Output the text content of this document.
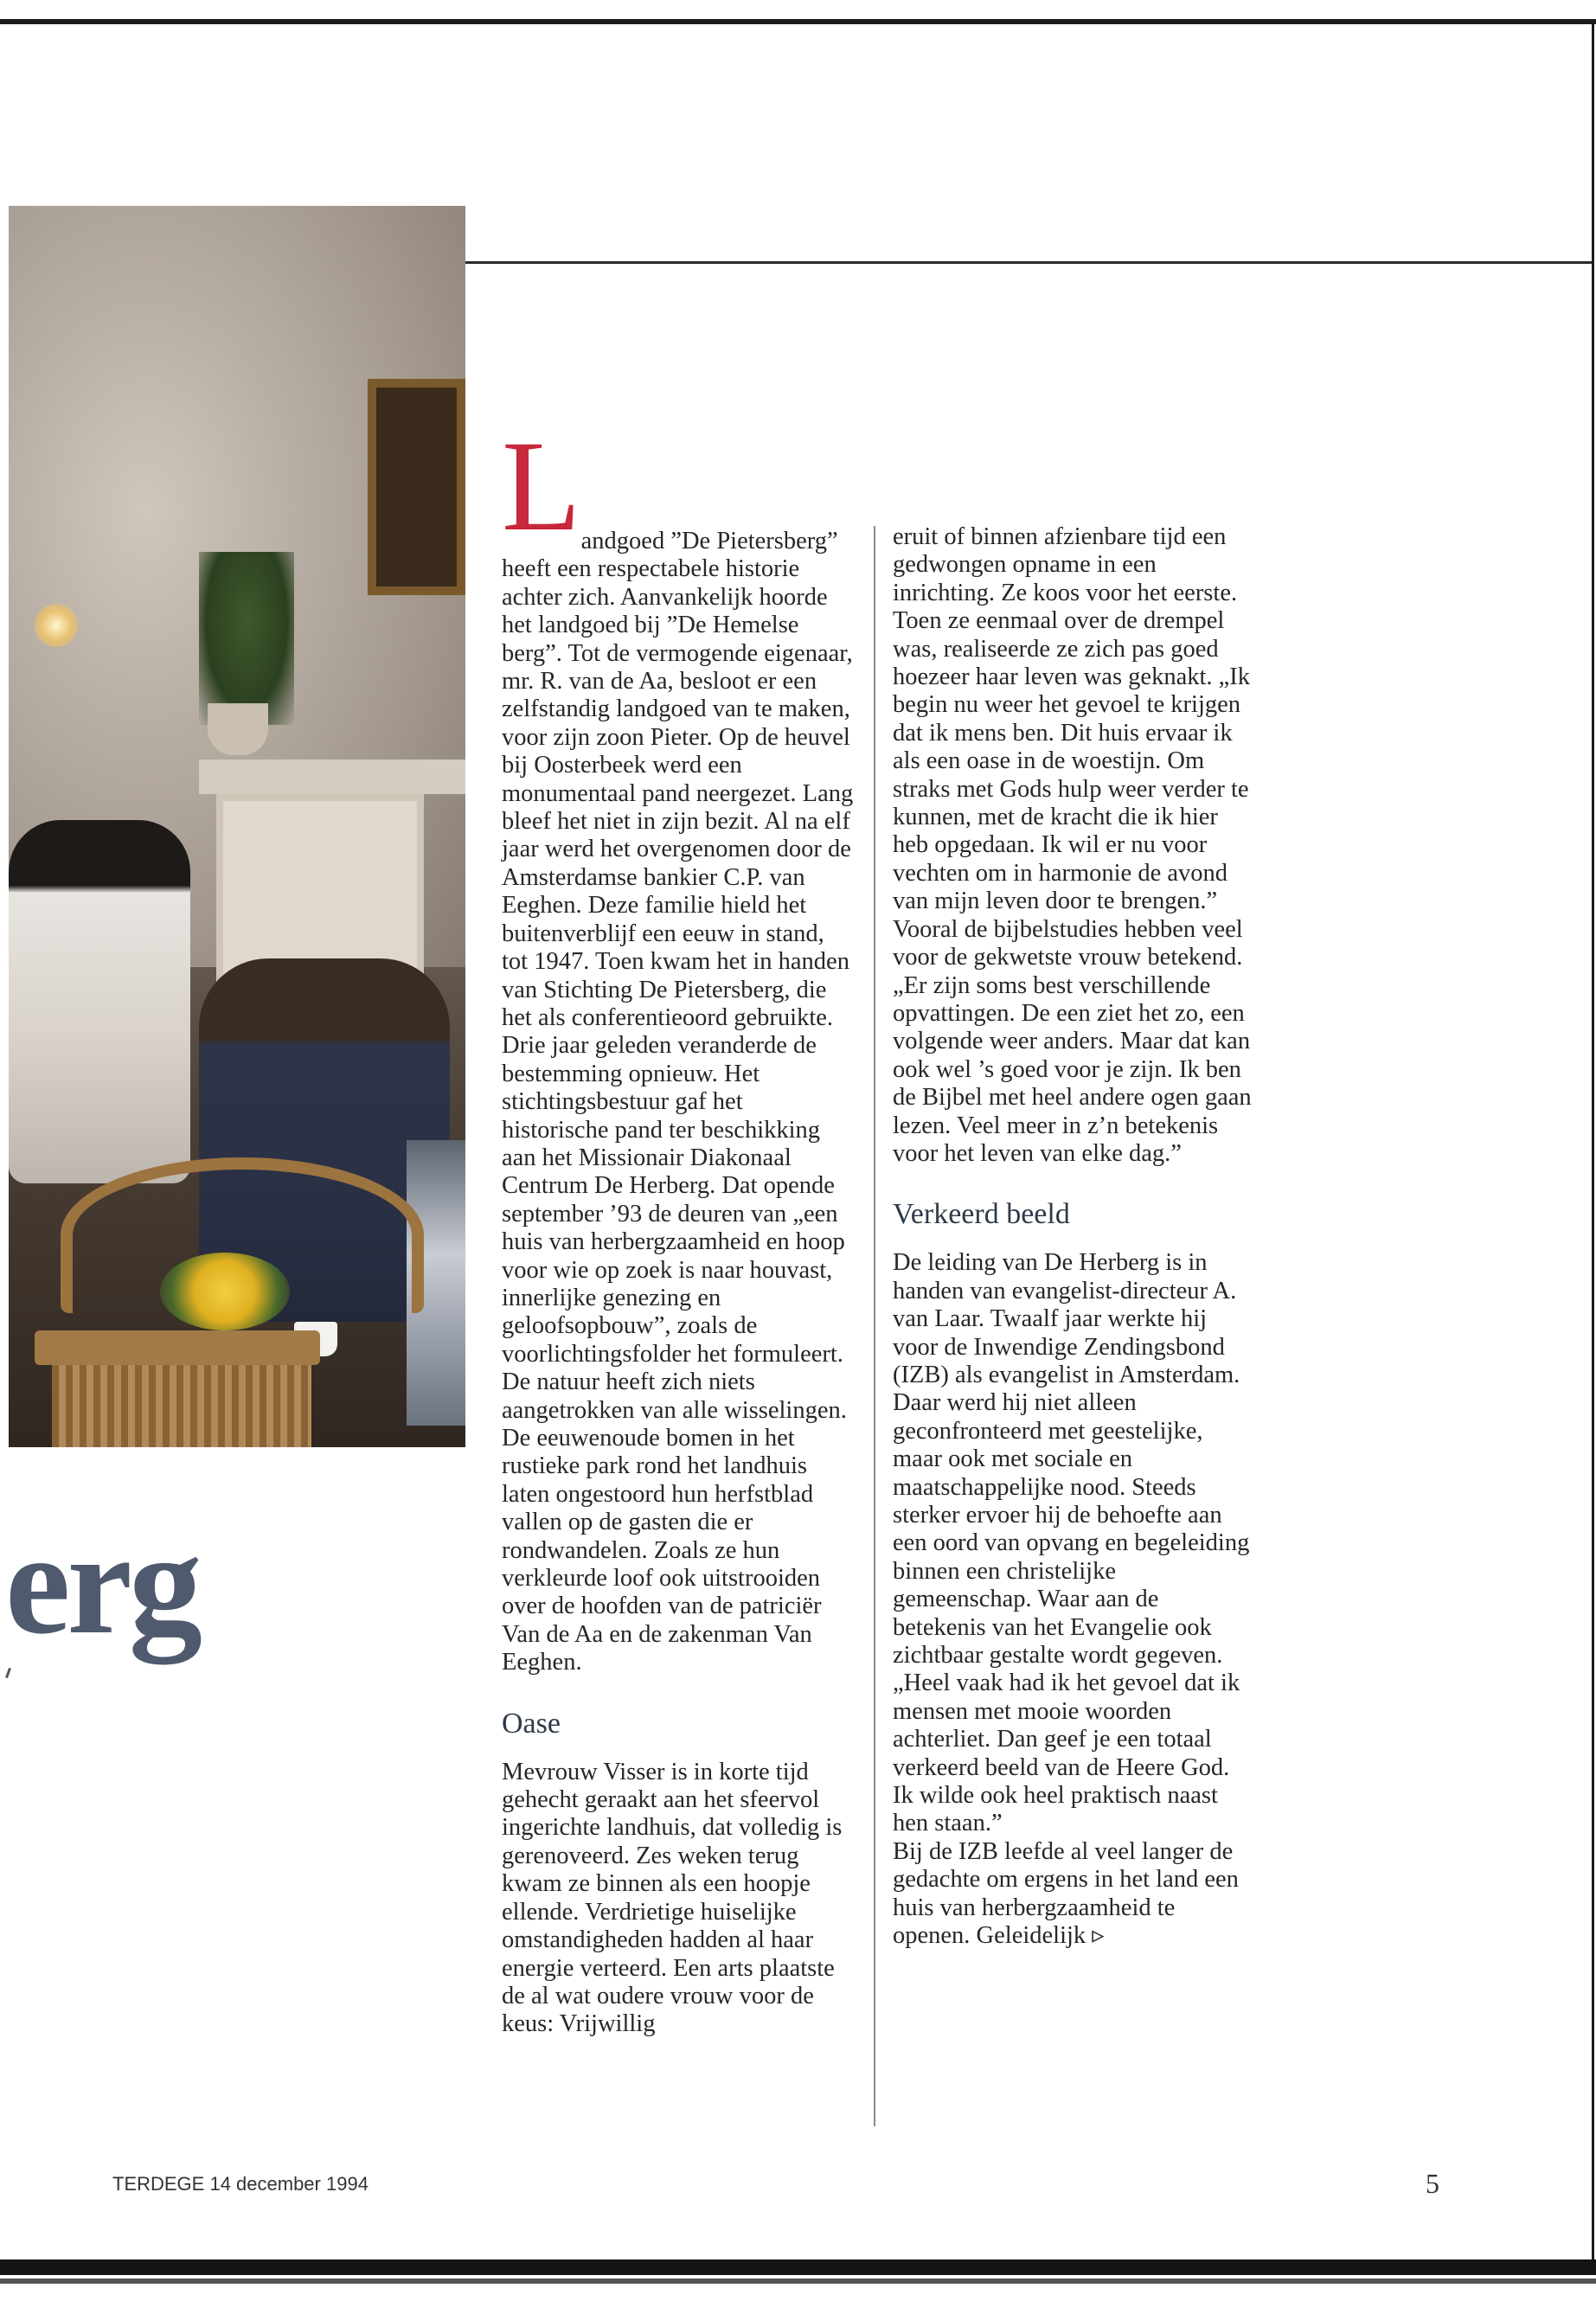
erg

Landgoed ”De Pietersberg” heeft een respectabele historie achter zich. Aanvankelijk hoorde het landgoed bij ”De Hemelse berg”. Tot de vermogende eigenaar, mr. R. van de Aa, besloot er een zelfstandig landgoed van te maken, voor zijn zoon Pieter. Op de heuvel bij Oosterbeek werd een monumentaal pand neergezet. Lang bleef het niet in zijn bezit. Al na elf jaar werd het overgenomen door de Amsterdamse bankier C.P. van Eeghen. Deze familie hield het buitenverblijf een eeuw in stand, tot 1947. Toen kwam het in handen van Stichting De Pietersberg, die het als conferentieoord gebruikte. Drie jaar geleden veranderde de bestemming opnieuw. Het stichtingsbestuur gaf het historische pand ter beschikking aan het Missionair Diakonaal Centrum De Herberg. Dat opende september ’93 de deuren van „een huis van herbergzaamheid en hoop voor wie op zoek is naar houvast, innerlijke genezing en geloofsopbouw”, zoals de voorlichtingsfolder het formuleert.

De natuur heeft zich niets aangetrokken van alle wisselingen. De eeuwenoude bomen in het rustieke park rond het landhuis laten ongestoord hun herfstblad vallen op de gasten die er rondwandelen. Zoals ze hun verkleurde loof ook uitstrooiden over de hoofden van de patriciër Van de Aa en de zakenman Van Eeghen.

Oase

Mevrouw Visser is in korte tijd gehecht geraakt aan het sfeervol ingerichte landhuis, dat volledig is gerenoveerd. Zes weken terug kwam ze binnen als een hoopje ellende. Verdrietige huiselijke omstandigheden hadden al haar energie verteerd. Een arts plaatste de al wat oudere vrouw voor de keus: Vrijwillig

eruit of binnen afzienbare tijd een gedwongen opname in een inrichting. Ze koos voor het eerste.

Toen ze eenmaal over de drempel was, realiseerde ze zich pas goed hoezeer haar leven was geknakt. „Ik begin nu weer het gevoel te krijgen dat ik mens ben. Dit huis ervaar ik als een oase in de woestijn. Om straks met Gods hulp weer verder te kunnen, met de kracht die ik hier heb opgedaan. Ik wil er nu voor vechten om in harmonie de avond van mijn leven door te brengen.”

Vooral de bijbelstudies hebben veel voor de gekwetste vrouw betekend. „Er zijn soms best verschillende opvattingen. De een ziet het zo, een volgende weer anders. Maar dat kan ook wel ’s goed voor je zijn. Ik ben de Bijbel met heel andere ogen gaan lezen. Veel meer in z’n betekenis voor het leven van elke dag.”

Verkeerd beeld

De leiding van De Herberg is in handen van evangelist-directeur A. van Laar. Twaalf jaar werkte hij voor de Inwendige Zendingsbond (IZB) als evangelist in Amsterdam. Daar werd hij niet alleen geconfronteerd met geestelijke, maar ook met sociale en maatschappelijke nood. Steeds sterker ervoer hij de behoefte aan een oord van opvang en begeleiding binnen een christelijke gemeenschap. Waar aan de betekenis van het Evangelie ook zichtbaar gestalte wordt gegeven. „Heel vaak had ik het gevoel dat ik mensen met mooie woorden achterliet. Dan geef je een totaal verkeerd beeld van de Heere God. Ik wilde ook heel praktisch naast hen staan.”

Bij de IZB leefde al veel langer de gedachte om ergens in het land een huis van herbergzaamheid te openen. Geleidelijk ▹

TERDEGE 14 december 1994	5
